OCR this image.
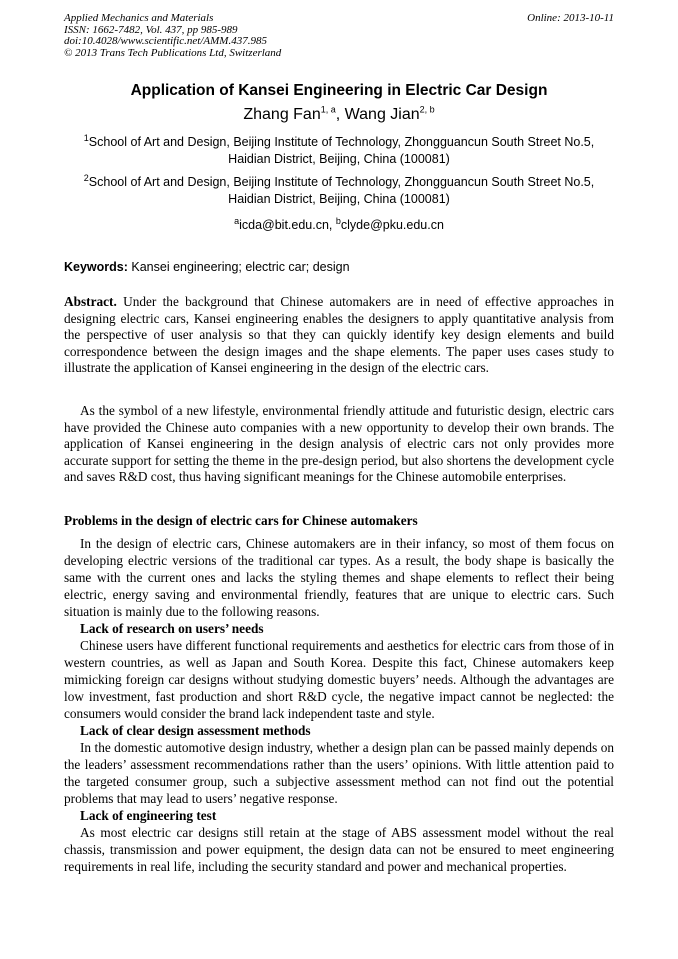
Applied Mechanics and Materials
ISSN: 1662-7482, Vol. 437, pp 985-989
doi:10.4028/www.scientific.net/AMM.437.985
© 2013 Trans Tech Publications Ltd, Switzerland
Online: 2013-10-11
Application of Kansei Engineering in Electric Car Design
Zhang Fan$^{1, a}$, Wang Jian$^{2, b}$
$^1$School of Art and Design, Beijing Institute of Technology, Zhongguancun South Street No.5,
Haidian District, Beijing, China (100081)
$^2$School of Art and Design, Beijing Institute of Technology, Zhongguancun South Street No.5,
Haidian District, Beijing, China (100081)
$^a$icda@bit.edu.cn, $^b$clyde@pku.edu.cn
Keywords: Kansei engineering; electric car; design

Abstract. Under the background that Chinese automakers are in need of effective approaches in designing electric cars, Kansei engineering enables the designers to apply quantitative analysis from the perspective of user analysis so that they can quickly identify key design elements and build correspondence between the design images and the shape elements. The paper uses cases study to illustrate the application of Kansei engineering in the design of the electric cars.

As the symbol of a new lifestyle, environmental friendly attitude and futuristic design, electric cars have provided the Chinese auto companies with a new opportunity to develop their own brands. The application of Kansei engineering in the design analysis of electric cars not only provides more accurate support for setting the theme in the pre-design period, but also shortens the development cycle and saves R&D cost, thus having significant meanings for the Chinese automobile enterprises.

Problems in the design of electric cars for Chinese automakers

In the design of electric cars, Chinese automakers are in their infancy, so most of them focus on developing electric versions of the traditional car types. As a result, the body shape is basically the same with the current ones and lacks the styling themes and shape elements to reflect their being electric, energy saving and environmental friendly, features that are unique to electric cars. Such situation is mainly due to the following reasons.

Lack of research on users’ needs

Chinese users have different functional requirements and aesthetics for electric cars from those of in western countries, as well as Japan and South Korea. Despite this fact, Chinese automakers keep mimicking foreign car designs without studying domestic buyers’ needs. Although the advantages are low investment, fast production and short R&D cycle, the negative impact cannot be neglected: the consumers would consider the brand lack independent taste and style.

Lack of clear design assessment methods

In the domestic automotive design industry, whether a design plan can be passed mainly depends on the leaders’ assessment recommendations rather than the users’ opinions. With little attention paid to the targeted consumer group, such a subjective assessment method can not find out the potential problems that may lead to users’ negative response.

Lack of engineering test

As most electric car designs still retain at the stage of ABS assessment model without the real chassis, transmission and power equipment, the design data can not be ensured to meet engineering requirements in real life, including the security standard and power and mechanical properties.
